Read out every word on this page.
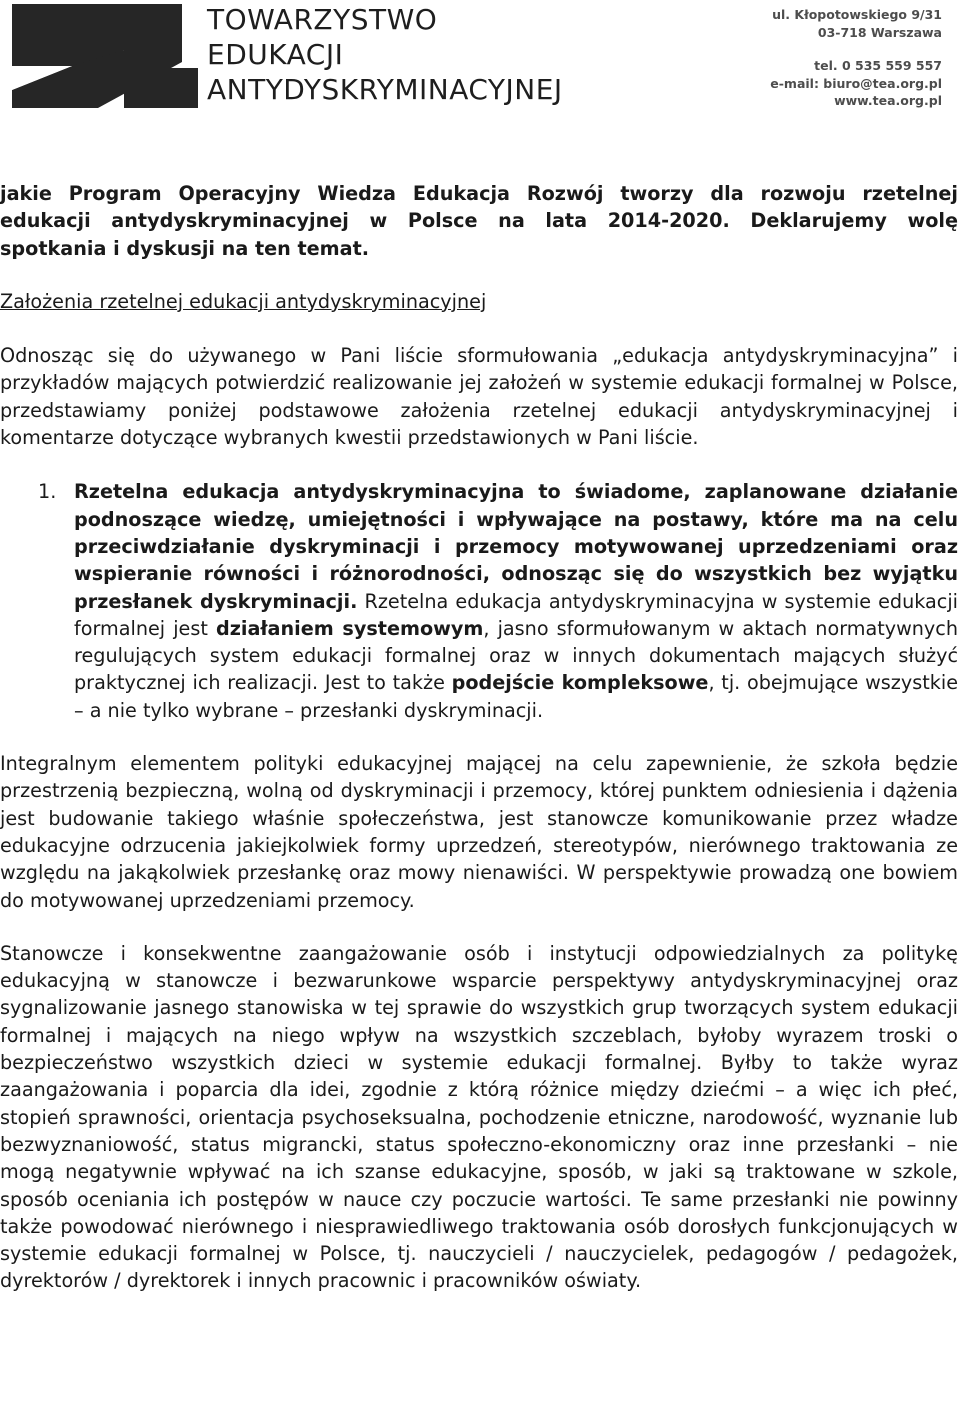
TOWARZYSTWO
EDUKACJI
ANTYDYSKRYMINACYJNEJ
ul. Kłopotowskiego 9/31
03-718 Warszawa
tel. 0 535 559 557
e-mail: biuro@tea.org.pl
www.tea.org.pl

jakie Program Operacyjny Wiedza Edukacja Rozwój tworzy dla rozwoju rzetelnej edukacji antydyskryminacyjnej w Polsce na lata 2014-2020. Deklarujemy wolę spotkania i dyskusji na ten temat.

Założenia rzetelnej edukacji antydyskryminacyjnej

Odnosząc się do używanego w Pani liście sformułowania „edukacja antydyskryminacyjna” i przykładów mających potwierdzić realizowanie jej założeń w systemie edukacji formalnej w Polsce, przedstawiamy poniżej podstawowe założenia rzetelnej edukacji antydyskryminacyjnej i komentarze dotyczące wybranych kwestii przedstawionych w Pani liście.

1. Rzetelna edukacja antydyskryminacyjna to świadome, zaplanowane działanie podnoszące wiedzę, umiejętności i wpływające na postawy, które ma na celu przeciwdziałanie dyskryminacji i przemocy motywowanej uprzedzeniami oraz wspieranie równości i różnorodności, odnosząc się do wszystkich bez wyjątku przesłanek dyskryminacji. Rzetelna edukacja antydyskryminacyjna w systemie edukacji formalnej jest działaniem systemowym, jasno sformułowanym w aktach normatywnych regulujących system edukacji formalnej oraz w innych dokumentach mających służyć praktycznej ich realizacji. Jest to także podejście kompleksowe, tj. obejmujące wszystkie – a nie tylko wybrane – przesłanki dyskryminacji.

Integralnym elementem polityki edukacyjnej mającej na celu zapewnienie, że szkoła będzie przestrzenią bezpieczną, wolną od dyskryminacji i przemocy, której punktem odniesienia i dążenia jest budowanie takiego właśnie społeczeństwa, jest stanowcze komunikowanie przez władze edukacyjne odrzucenia jakiejkolwiek formy uprzedzeń, stereotypów, nierównego traktowania ze względu na jakąkolwiek przesłankę oraz mowy nienawiści. W perspektywie prowadzą one bowiem do motywowanej uprzedzeniami przemocy.

Stanowcze i konsekwentne zaangażowanie osób i instytucji odpowiedzialnych za politykę edukacyjną w stanowcze i bezwarunkowe wsparcie perspektywy antydyskryminacyjnej oraz sygnalizowanie jasnego stanowiska w tej sprawie do wszystkich grup tworzących system edukacji formalnej i mających na niego wpływ na wszystkich szczeblach, byłoby wyrazem troski o bezpieczeństwo wszystkich dzieci w systemie edukacji formalnej. Byłby to także wyraz zaangażowania i poparcia dla idei, zgodnie z którą różnice między dziećmi – a więc ich płeć, stopień sprawności, orientacja psychoseksualna, pochodzenie etniczne, narodowość, wyznanie lub bezwyznaniowość, status migrancki, status społeczno-ekonomiczny oraz inne przesłanki – nie mogą negatywnie wpływać na ich szanse edukacyjne, sposób, w jaki są traktowane w szkole, sposób oceniania ich postępów w nauce czy poczucie wartości. Te same przesłanki nie powinny także powodować nierównego i niesprawiedliwego traktowania osób dorosłych funkcjonujących w systemie edukacji formalnej w Polsce, tj. nauczycieli / nauczycielek, pedagogów / pedagożek, dyrektorów / dyrektorek i innych pracownic i pracowników oświaty.
